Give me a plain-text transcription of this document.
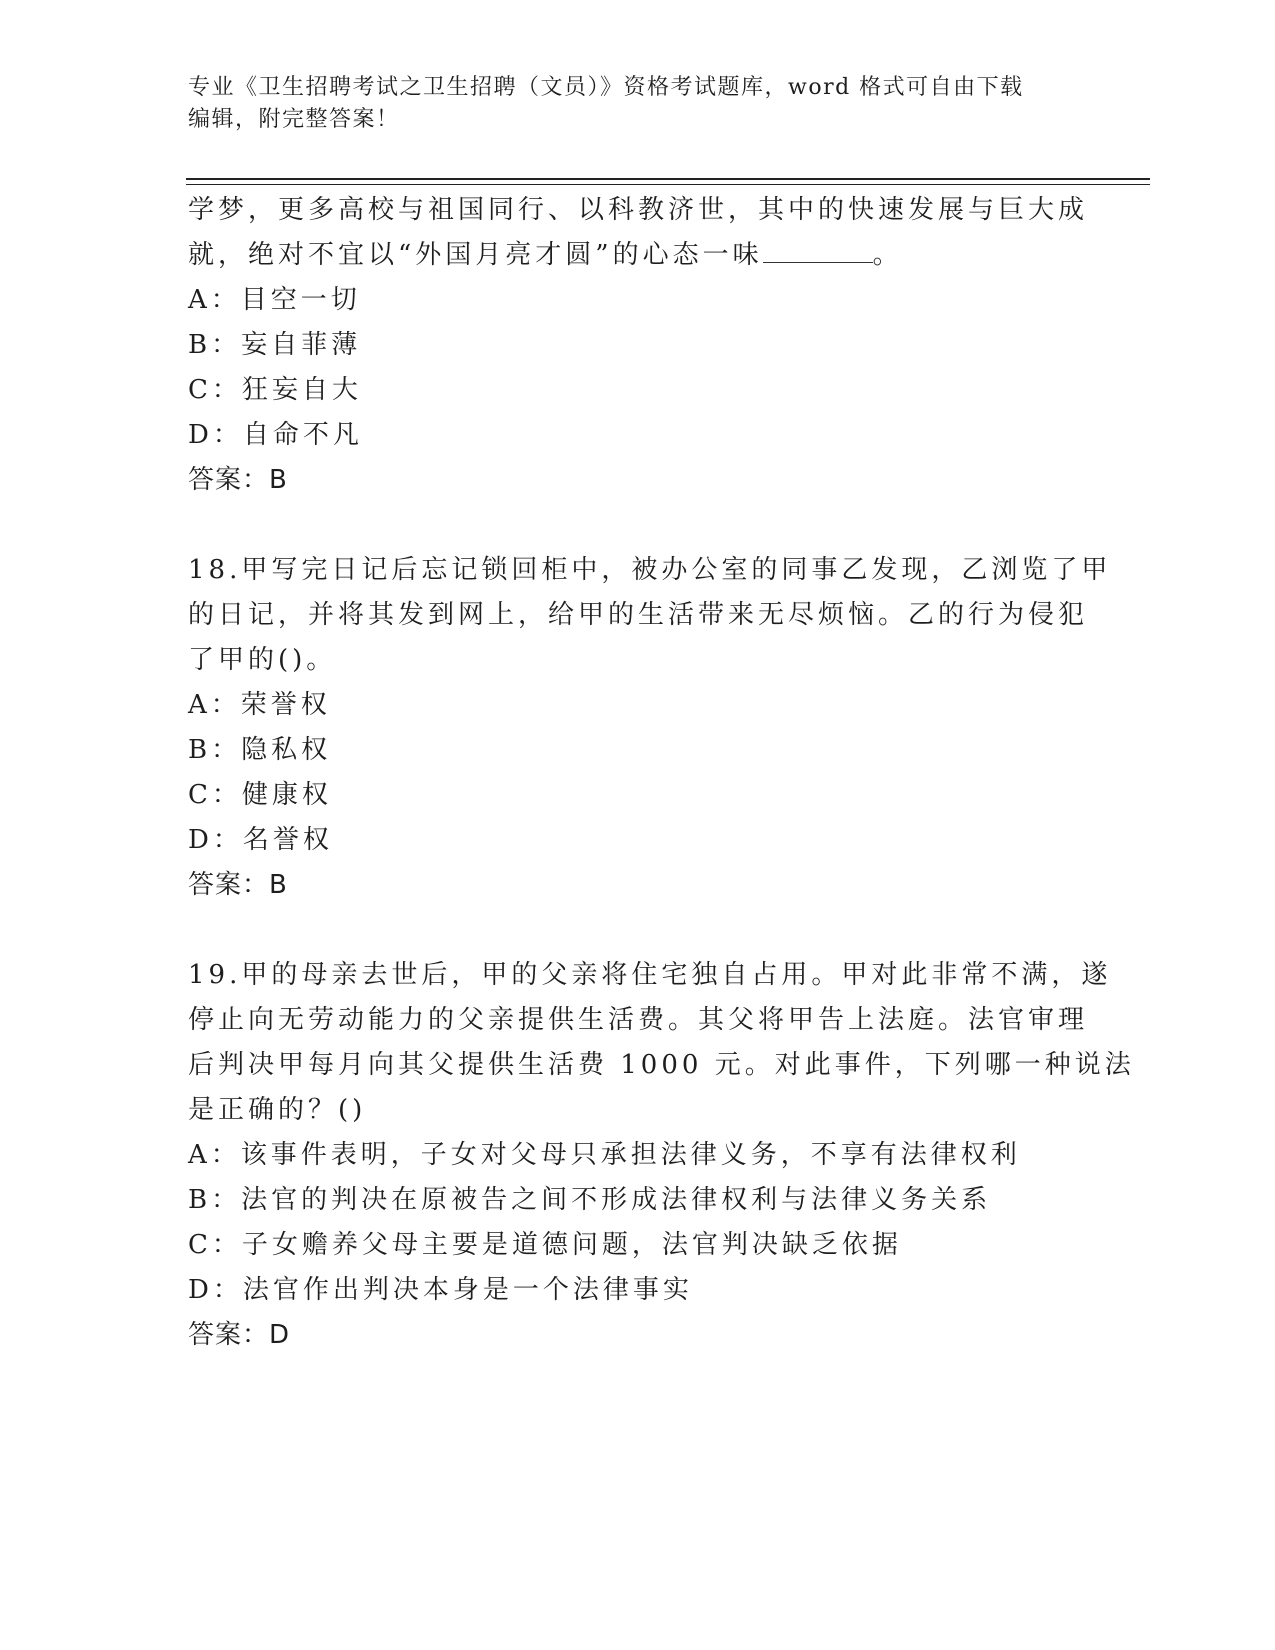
专业《卫生招聘考试之卫生招聘（文员）》资格考试题库，word 格式可自由下载
编辑，附完整答案！
学梦，更多高校与祖国同行、以科教济世，其中的快速发展与巨大成
就，绝对不宜以“外国月亮才圆”的心态一味	。
A：目空一切
B：妄自菲薄
C：狂妄自大
D：自命不凡
答案：B
18.甲写完日记后忘记锁回柜中，被办公室的同事乙发现，乙浏览了甲
的日记，并将其发到网上，给甲的生活带来无尽烦恼。乙的行为侵犯
了甲的()。
A：荣誉权
B：隐私权
C：健康权
D：名誉权
答案：B
19.甲的母亲去世后，甲的父亲将住宅独自占用。甲对此非常不满，遂
停止向无劳动能力的父亲提供生活费。其父将甲告上法庭。法官审理
后判决甲每月向其父提供生活费 1000 元。对此事件，下列哪一种说法
是正确的？()
A：该事件表明，子女对父母只承担法律义务，不享有法律权利
B：法官的判决在原被告之间不形成法律权利与法律义务关系
C：子女赡养父母主要是道德问题，法官判决缺乏依据
D：法官作出判决本身是一个法律事实
答案：D
